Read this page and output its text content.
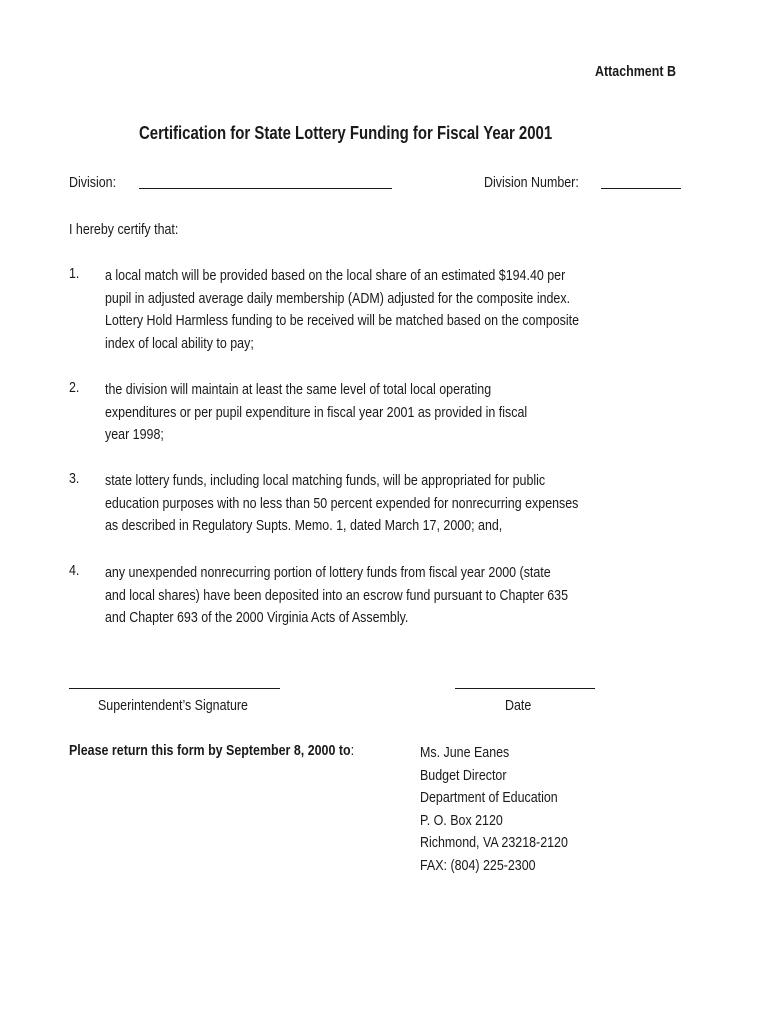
Attachment B
Certification for State Lottery Funding for Fiscal Year 2001
Division:	Division Number:
I hereby certify that:
1. a local match will be provided based on the local share of an estimated $194.40 per
pupil in adjusted average daily membership (ADM) adjusted for the composite index.
Lottery Hold Harmless funding to be received will be matched based on the composite
index of local ability to pay;
2. the division will maintain at least the same level of total local operating
expenditures or per pupil expenditure in fiscal year 2001 as provided in fiscal
year 1998;
3. state lottery funds, including local matching funds, will be appropriated for public
education purposes with no less than 50 percent expended for nonrecurring expenses
as described in Regulatory Supts. Memo. 1, dated March 17, 2000; and,
4. any unexpended nonrecurring portion of lottery funds from fiscal year 2000 (state
and local shares) have been deposited into an escrow fund pursuant to Chapter 635
and Chapter 693 of the 2000 Virginia Acts of Assembly.
Superintendent’s Signature	Date
Please return this form by September 8, 2000 to:	Ms. June Eanes
Budget Director
Department of Education
P. O. Box 2120
Richmond, VA 23218-2120
FAX: (804) 225-2300
